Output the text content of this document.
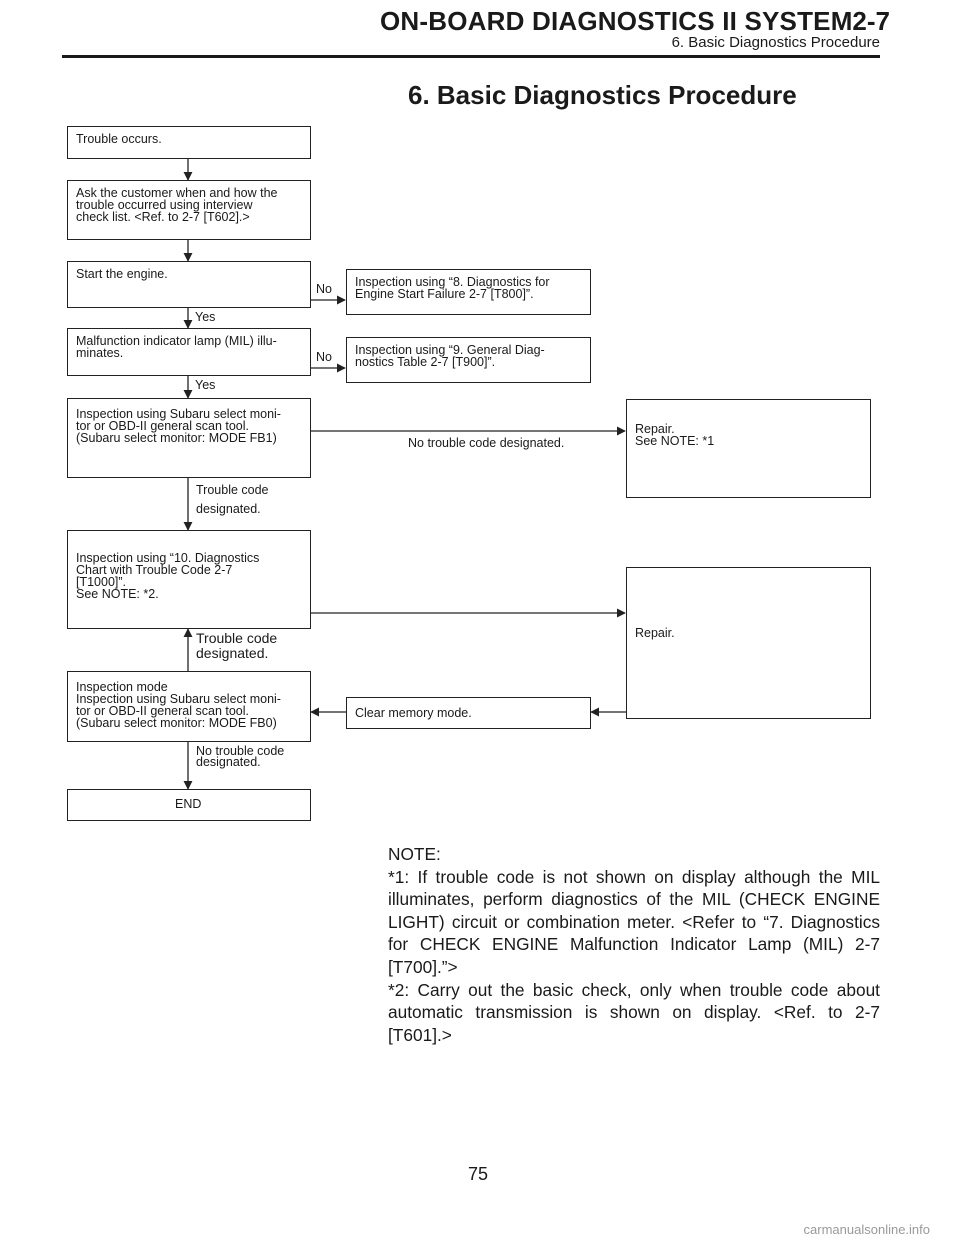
ON-BOARD DIAGNOSTICS II SYSTEM 2-7
6. Basic Diagnostics Procedure
6. Basic Diagnostics Procedure
Trouble occurs.
Ask the customer when and how the
trouble occurred using interview
check list. <Ref. to 2-7 [T602].>
Start the engine.
Inspection using “8. Diagnostics for
Engine Start Failure 2-7 [T800]”.
Malfunction indicator lamp (MIL) illu-
minates.	Inspection using “9. General Diag-
nostics Table 2-7 [T900]”.
Inspection using Subaru select moni-
tor or OBD-II general scan tool.
(Subaru select monitor: MODE FB1)
Repair.
See NOTE: *1
Inspection using “10. Diagnostics
Chart with Trouble Code 2-7
[T1000]”.
See NOTE: *2.
Repair.
Inspection mode
Inspection using Subaru select moni-
tor or OBD-II general scan tool.
(Subaru select monitor: MODE FB0)
Clear memory mode.
END
No
Yes
No
Yes
No trouble code designated.
Trouble code
designated.
Trouble code
designated.
No trouble code
designated.

NOTE:

*1: If trouble code is not shown on display although the MIL illuminates, perform diagnostics of the MIL (CHECK ENGINE LIGHT) circuit or combination meter. <Refer to “7. Diagnostics for CHECK ENGINE Malfunction Indicator Lamp (MIL) 2-7 [T700].”>

*2: Carry out the basic check, only when trouble code about automatic transmission is shown on display. <Ref. to 2-7 [T601].>

75
carmanualsonline.info
